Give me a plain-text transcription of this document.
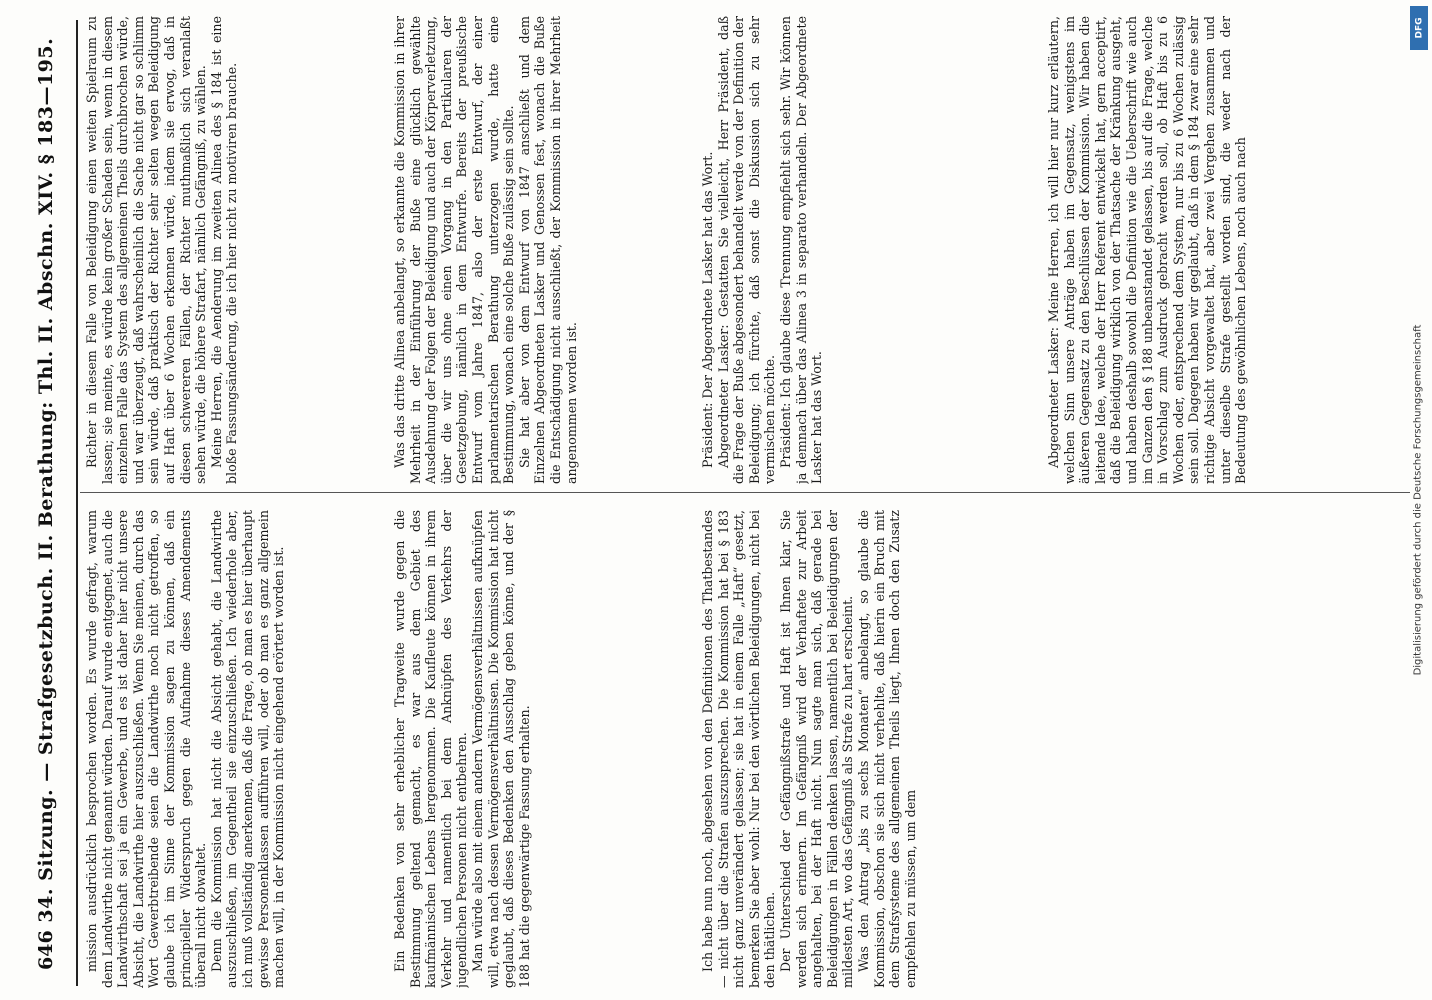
646
34. Sitzung. — Strafgesetzbuch. II. Berathung: Thl. II. Abschn. XIV. § 183—195. mission ausdrücklich besprochen worden. Es wurde gefragt, warum dem Landwirthe nicht genannt würden. Darauf wurde entgegnet, auch die Landwirthschaft sei ja ein Gewerbe, und es ist daher hier nicht unsere Absicht, die Landwirthe hier auszuschließen. Wenn Sie meinen, durch das Wort Gewerbtreibende seien die Landwirthe noch nicht getroffen, so glaube ich im Sinne der Kommission sagen zu können, daß ein principieller Widerspruch gegen die Aufnahme dieses Amendements überall nicht obwaltet. Denn die Kommission hat nicht die Absicht gehabt, die Landwirthe auszuschließen, im Gegentheil sie einzuschließen. Ich wiederhole aber, ich muß vollständig anerkennen, daß die Frage, ob man es hier überhaupt gewisse Personenklassen aufführen will, oder ob man es ganz allgemein machen will, in der Kommission nicht eingehend erörtert worden ist.	Ein Bedenken von sehr erheblicher Tragweite wurde gegen die Bestimmung geltend gemacht, es war aus dem Gebiet des kaufmännischen Lebens hergenommen. Die Kaufleute können in ihrem Verkehr und namentlich bei dem Anknüpfen des Verkehrs der jugendlichen Personen nicht entbehren. Man würde also mit einem andern Vermögensverhältnissen aufknüpfen will, etwa nach dessen Vermögensverhältnissen. Die Kommission hat nicht geglaubt, daß dieses Bedenken den Ausschlag geben könne, und der § 188 hat die gegenwärtige Fassung erhalten.	Ich habe nun noch, abgesehen von den Definitionen des Thatbestandes — nicht über die Strafen auszusprechen. Die Kommission hat bei § 183 nicht ganz unverändert gelassen; sie hat in einem Falle „Haft“ gesetzt, bemerken Sie aber wohl: Nur bei den wörtlichen Beleidigungen, nicht bei den thätlichen. Der Unterschied der Gefängnißstrafe und Haft ist Ihnen klar, Sie werden sich erinnern. Im Gefängniß wird der Verhaftete zur Arbeit angehalten, bei der Haft nicht. Nun sagte man sich, daß gerade bei Beleidigungen in Fällen denken lassen, namentlich bei Beleidigungen der mildesten Art, wo das Gefängniß als Strafe zu hart erscheint. Was den Antrag „bis zu sechs Monaten“ anbelangt, so glaube die Kommission, obschon sie sich nicht verhehlte, daß hierin ein Bruch mit dem Strafsysteme des allgemeinen Theils liegt, Ihnen doch den Zusatz empfehlen zu müssen, um dem

Richter in diesem Falle von Beleidigung einen weiten Spielraum zu lassen; sie meinte, es würde kein großer Schaden sein, wenn in diesem einzelnen Falle das System des allgemeinen Theils durchbrochen würde, und war überzeugt, daß wahrscheinlich die Sache nicht gar so schlimm sein würde, daß praktisch der Richter sehr selten wegen Beleidigung auf Haft über 6 Wochen erkennen würde, indem sie erwog, daß in diesen schwereren Fällen, der Richter muthmaßlich sich veranlaßt sehen würde, die höhere Strafart, nämlich Gefängniß, zu wählen. Meine Herren, die Aenderung im zweiten Alinea des § 184 ist eine bloße Fassungsänderung, die ich hier nicht zu motiviren brauche.	Was das dritte Alinea anbelangt, so erkannte die Kommission in ihrer Mehrheit in der Einführung der Buße eine glücklich gewählte Ausdehnung der Folgen der Beleidigung und auch der Körperverletzung, über die wir uns ohne einen Vorgang in den Partikularen der Gesetzgebung, nämlich in dem Entwurfe. Bereits der preußische Entwurf vom Jahre 1847, also der erste Entwurf, der einer parlamentarischen Berathung unterzogen wurde, hatte eine Bestimmung, wonach eine solche Buße zulässig sein sollte. Sie hat aber von dem Entwurf von 1847 anschließt und dem Einzelnen Abgeordneten Lasker und Genossen fest, wonach die Buße die Entschädigung nicht ausschließt, der Kommission in ihrer Mehrheit angenommen worden ist.	Präsident: Der Abgeordnete Lasker hat das Wort. Abgeordneter Lasker: Gestatten Sie vielleicht, Herr Präsident, daß die Frage der Buße abgesondert behandelt werde von der Definition der Beleidigung; ich fürchte, daß sonst die Diskussion sich zu sehr vermischen möchte. Präsident: Ich glaube diese Trennung empfiehlt sich sehr. Wir können ja demnach über das Alinea 3 in separato verhandeln. Der Abgeordnete Lasker hat das Wort.	Abgeordneter Lasker: Meine Herren, ich will hier nur kurz erläutern, welchen Sinn unsere Anträge haben im Gegensatz, wenigstens im äußeren Gegensatz zu den Beschlüssen der Kommission. Wir haben die leitende Idee, welche der Herr Referent entwickelt hat, gern acceptirt, daß die Beleidigung wirklich von der Thatsache der Kränkung ausgeht, und haben deshalb sowohl die Definition wie die Ueberschrift wie auch im Ganzen den § 188 unbeanstandet gelassen, bis auf die Frage, welche in Vorschlag zum Ausdruck gebracht werden soll, ob Haft bis zu 6 Wochen oder, entsprechend dem System, nur bis zu 6 Wochen zulässig sein soll. Dagegen haben wir geglaubt, daß in dem § 184 zwar eine sehr richtige Absicht vorgewaltet hat, aber zwei Vergehen zusammen und unter dieselbe Strafe gestellt worden sind, die weder nach der Bedeutung des gewöhnlichen Lebens, noch auch nach

Digitalisierung gefördert durch die Deutsche Forschungsgemeinschaft
DFG
